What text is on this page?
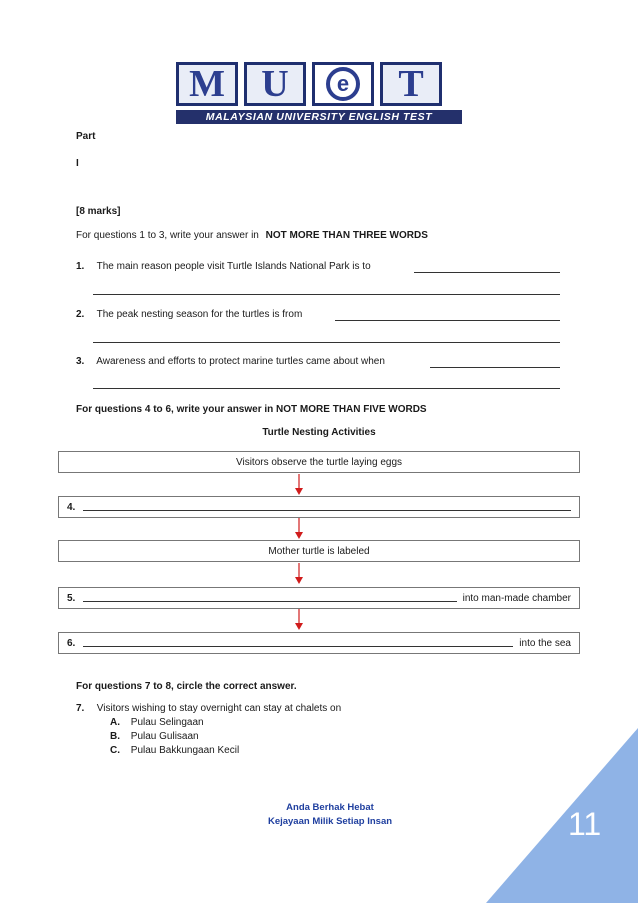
M U	e	T
MALAYSIAN UNIVERSITY ENGLISH TEST
Part
I
[8 marks]
For questions 1 to 3, write your answer in NOT MORE THAN THREE WORDS
1. The main reason people visit Turtle Islands National Park is to
2. The peak nesting season for the turtles is from
3. Awareness and efforts to protect marine turtles came about when
For questions 4 to 6, write your answer in NOT MORE THAN FIVE WORDS
Turtle Nesting Activities
Visitors observe the turtle laying eggs
4.
Mother turtle is labeled
5.	into man-made chamber
6.	into the sea
For questions 7 to 8, circle the correct answer.
7. Visitors wishing to stay overnight can stay at chalets on
A. Pulau Selingaan
B. Pulau Gulisaan
C. Pulau Bakkungaan Kecil
Anda Berhak Hebat
Kejayaan Milik Setiap Insan	11
